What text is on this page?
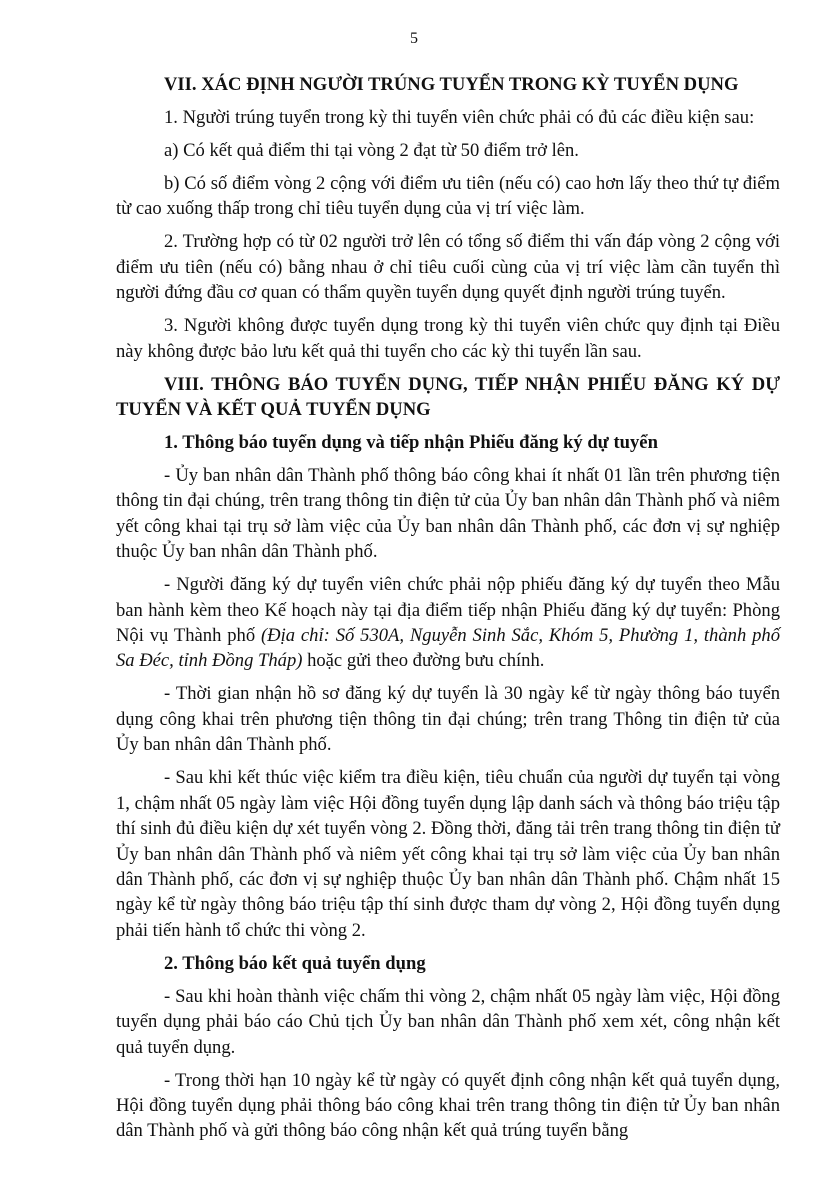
5
VII. XÁC ĐỊNH NGƯỜI TRÚNG TUYỂN TRONG KỲ TUYỂN DỤNG

1. Người trúng tuyển trong kỳ thi tuyển viên chức phải có đủ các điều kiện sau:

a) Có kết quả điểm thi tại vòng 2 đạt từ 50 điểm trở lên.

b) Có số điểm vòng 2 cộng với điểm ưu tiên (nếu có) cao hơn lấy theo thứ tự điểm từ cao xuống thấp trong chỉ tiêu tuyển dụng của vị trí việc làm.

2. Trường hợp có từ 02 người trở lên có tổng số điểm thi vấn đáp vòng 2 cộng với điểm ưu tiên (nếu có) bằng nhau ở chỉ tiêu cuối cùng của vị trí việc làm cần tuyển thì người đứng đầu cơ quan có thẩm quyền tuyển dụng quyết định người trúng tuyển.

3. Người không được tuyển dụng trong kỳ thi tuyển viên chức quy định tại Điều này không được bảo lưu kết quả thi tuyển cho các kỳ thi tuyển lần sau.

VIII. THÔNG BÁO TUYỂN DỤNG, TIẾP NHẬN PHIẾU ĐĂNG KÝ DỰ TUYỂN VÀ KẾT QUẢ TUYỂN DỤNG
1. Thông báo tuyển dụng và tiếp nhận Phiếu đăng ký dự tuyển

- Ủy ban nhân dân Thành phố thông báo công khai ít nhất 01 lần trên phương tiện thông tin đại chúng, trên trang thông tin điện tử của Ủy ban nhân dân Thành phố và niêm yết công khai tại trụ sở làm việc của Ủy ban nhân dân Thành phố, các đơn vị sự nghiệp thuộc Ủy ban nhân dân Thành phố.

- Người đăng ký dự tuyển viên chức phải nộp phiếu đăng ký dự tuyển theo Mẫu ban hành kèm theo Kế hoạch này tại địa điểm tiếp nhận Phiếu đăng ký dự tuyển: Phòng Nội vụ Thành phố (Địa chỉ: Số 530A, Nguyễn Sinh Sắc, Khóm 5, Phường 1, thành phố Sa Đéc, tỉnh Đồng Tháp) hoặc gửi theo đường bưu chính.

- Thời gian nhận hồ sơ đăng ký dự tuyển là 30 ngày kể từ ngày thông báo tuyển dụng công khai trên phương tiện thông tin đại chúng; trên trang Thông tin điện tử của Ủy ban nhân dân Thành phố.

- Sau khi kết thúc việc kiểm tra điều kiện, tiêu chuẩn của người dự tuyển tại vòng 1, chậm nhất 05 ngày làm việc Hội đồng tuyển dụng lập danh sách và thông báo triệu tập thí sinh đủ điều kiện dự xét tuyển vòng 2. Đồng thời, đăng tải trên trang thông tin điện tử Ủy ban nhân dân Thành phố và niêm yết công khai tại trụ sở làm việc của Ủy ban nhân dân Thành phố, các đơn vị sự nghiệp thuộc Ủy ban nhân dân Thành phố. Chậm nhất 15 ngày kể từ ngày thông báo triệu tập thí sinh được tham dự vòng 2, Hội đồng tuyển dụng phải tiến hành tổ chức thi vòng 2.

2. Thông báo kết quả tuyển dụng

- Sau khi hoàn thành việc chấm thi vòng 2, chậm nhất 05 ngày làm việc, Hội đồng tuyển dụng phải báo cáo Chủ tịch Ủy ban nhân dân Thành phố xem xét, công nhận kết quả tuyển dụng.

- Trong thời hạn 10 ngày kể từ ngày có quyết định công nhận kết quả tuyển dụng, Hội đồng tuyển dụng phải thông báo công khai trên trang thông tin điện tử Ủy ban nhân dân Thành phố và gửi thông báo công nhận kết quả trúng tuyển bằng
